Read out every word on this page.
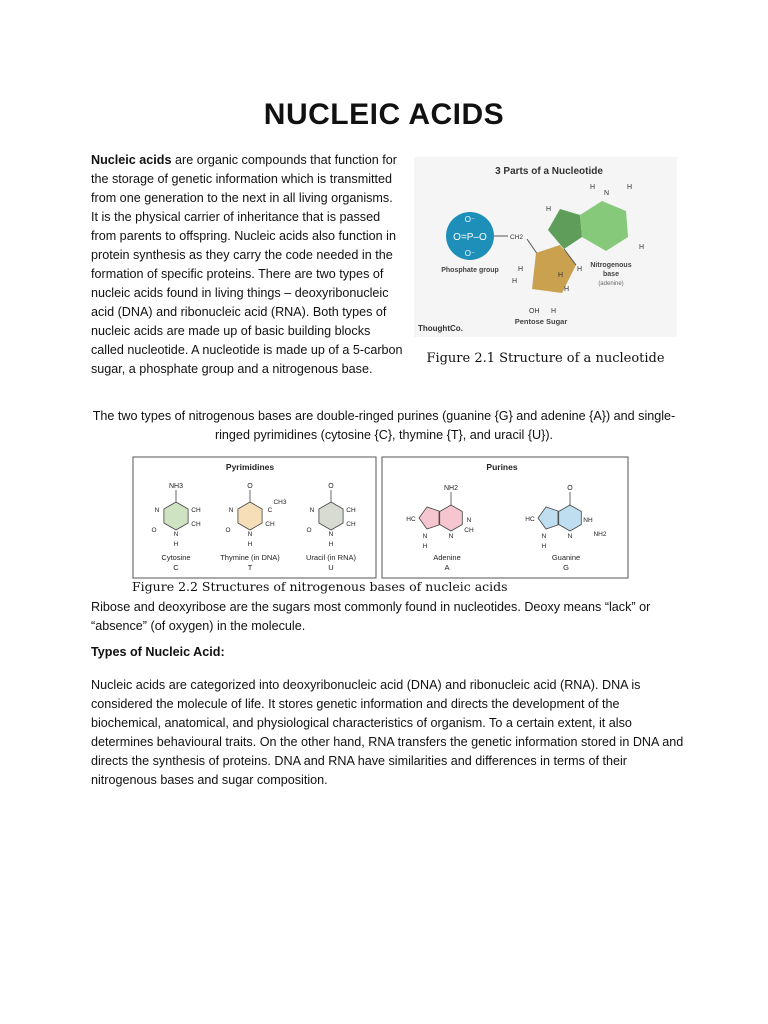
NUCLEIC ACIDS
Nucleic acids are organic compounds that function for the storage of genetic information which is transmitted from one generation to the next in all living organisms. It is the physical carrier of inheritance that is passed from parents to offspring. Nucleic acids also function in protein synthesis as they carry the code needed in the formation of specific proteins. There are two types of nucleic acids found in living things – deoxyribonucleic acid (DNA) and ribonucleic acid (RNA). Both types of nucleic acids are made up of basic building blocks called nucleotide. A nucleotide is made up of a 5-carbon sugar, a phosphate group and a nitrogenous base.
3 Parts of a Nucleotide
O⁻
O=P–O
O⁻
CH2
Phosphate group	H
H
H
H
H
OH H
Pentose Sugar
N
H	H
H
H
Nitrogenous
base
(adenine)
ThoughtCo.
Figure 2.1 Structure of a nucleotide
The two types of nitrogenous bases are double-ringed purines (guanine {G} and adenine {A}) and single-ringed pyrimidines (cytosine {C}, thymine {T}, and uracil {U}).
Pyrimidines	Purines
NH3
N	CH
CH
N
H
O
Cytosine
C
O
N	C
CH
N
H
O
CH3
Thymine (in DNA)
T
O
N	CH
CH
N
H
O
Uracil (in RNA)
U
NH2
HC
N
H
N
N
CH
Adenine
A
O
HC
N
H
NH
N	NH2
Guanine
G
Figure 2.2 Structures of nitrogenous bases of nucleic acids
Ribose and deoxyribose are the sugars most commonly found in nucleotides. Deoxy means “lack” or “absence” (of oxygen) in the molecule.
Types of Nucleic Acid:
Nucleic acids are categorized into deoxyribonucleic acid (DNA) and ribonucleic acid (RNA). DNA is considered the molecule of life. It stores genetic information and directs the development of the biochemical, anatomical, and physiological characteristics of organism. To a certain extent, it also determines behavioural traits. On the other hand, RNA transfers the genetic information stored in DNA and directs the synthesis of proteins. DNA and RNA have similarities and differences in terms of their nitrogenous bases and sugar composition.
